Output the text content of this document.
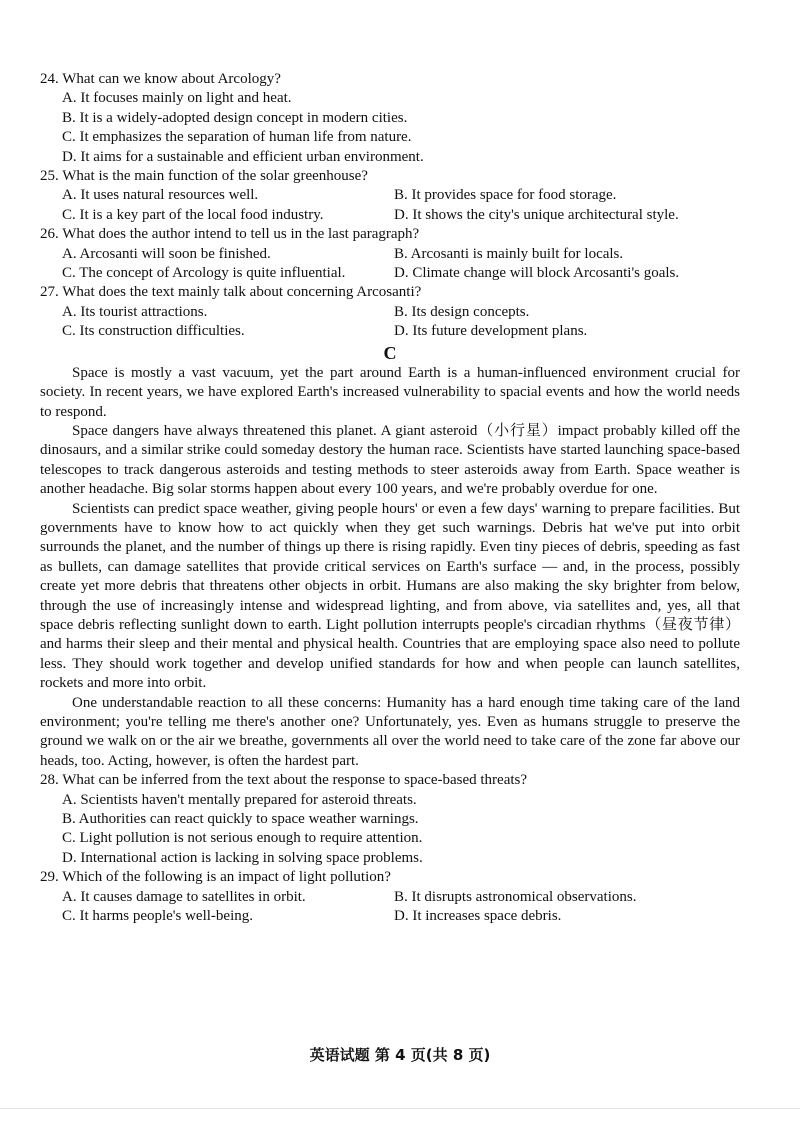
24. What can we know about Arcology?

A. It focuses mainly on light and heat.

B. It is a widely-adopted design concept in modern cities.

C. It emphasizes the separation of human life from nature.

D. It aims for a sustainable and efficient urban environment.

25. What is the main function of the solar greenhouse?

A. It uses natural resources well.	B. It provides space for food storage.
C. It is a key part of the local food industry.	D. It shows the city's unique architectural style.

26. What does the author intend to tell us in the last paragraph?

A. Arcosanti will soon be finished.	B. Arcosanti is mainly built for locals.
C. The concept of Arcology is quite influential.	D. Climate change will block Arcosanti's goals.

27. What does the text mainly talk about concerning Arcosanti?

A. Its tourist attractions.	B. Its design concepts.
C. Its construction difficulties.	D. Its future development plans.
C

Space is mostly a vast vacuum, yet the part around Earth is a human-influenced environment crucial for society. In recent years, we have explored Earth's increased vulnerability to spacial events and how the world needs to respond.

Space dangers have always threatened this planet. A giant asteroid（小行星）impact probably killed off the dinosaurs, and a similar strike could someday destory the human race. Scientists have started launching space-based telescopes to track dangerous asteroids and testing methods to steer asteroids away from Earth. Space weather is another headache. Big solar storms happen about every 100 years, and we're probably overdue for one.

Scientists can predict space weather, giving people hours' or even a few days' warning to prepare facilities. But governments have to know how to act quickly when they get such warnings. Debris hat we've put into orbit surrounds the planet, and the number of things up there is rising rapidly. Even tiny pieces of debris, speeding as fast as bullets, can damage satellites that provide critical services on Earth's surface — and, in the process, possibly create yet more debris that threatens other objects in orbit. Humans are also making the sky brighter from below, through the use of increasingly intense and widespread lighting, and from above, via satellites and, yes, all that space debris reflecting sunlight down to earth. Light pollution interrupts people's circadian rhythms（昼夜节律）and harms their sleep and their mental and physical health. Countries that are employing space also need to pollute less. They should work together and develop unified standards for how and when people can launch satellites, rockets and more into orbit.

One understandable reaction to all these concerns: Humanity has a hard enough time taking care of the land environment; you're telling me there's another one? Unfortunately, yes. Even as humans struggle to preserve the ground we walk on or the air we breathe, governments all over the world need to take care of the zone far above our heads, too. Acting, however, is often the hardest part.

28. What can be inferred from the text about the response to space-based threats?

A. Scientists haven't mentally prepared for asteroid threats.

B. Authorities can react quickly to space weather warnings.

C. Light pollution is not serious enough to require attention.

D. International action is lacking in solving space problems.

29. Which of the following is an impact of light pollution?

A. It causes damage to satellites in orbit.	B. It disrupts astronomical observations.
C. It harms people's well-being.	D. It increases space debris.
英语试题 第 4 页(共 8 页)
